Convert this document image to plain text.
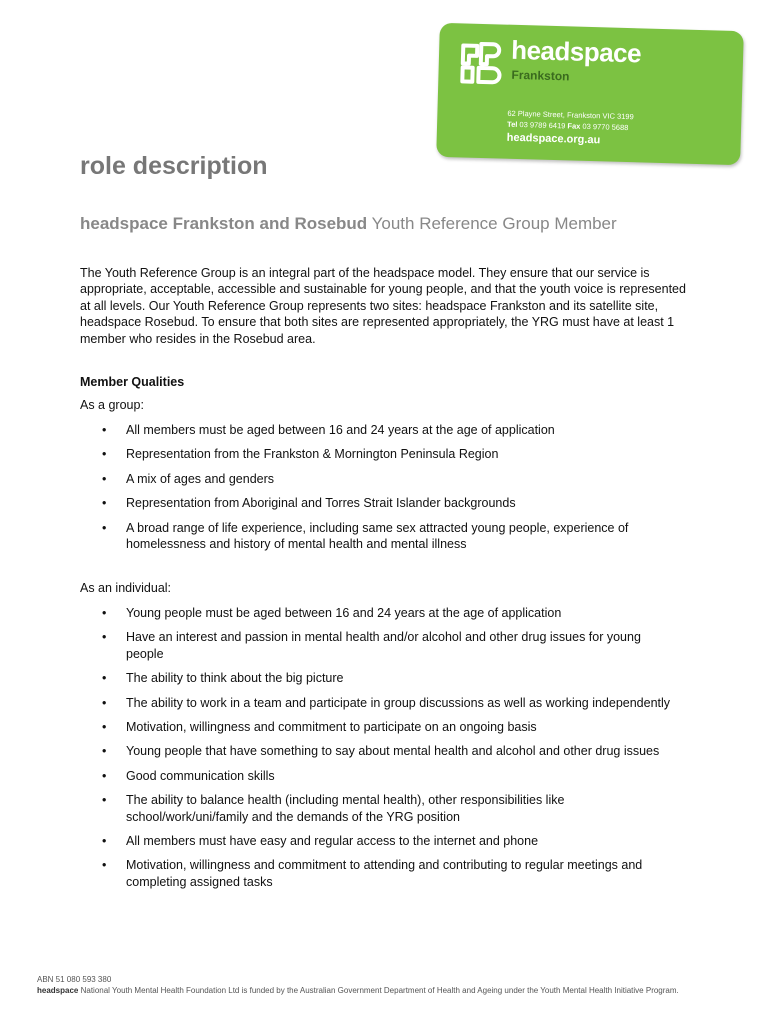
headspace
Frankston
62 Playne Street, Frankston VIC 3199
Tel 03 9789 6419 Fax 03 9770 5688
headspace.org.au
role description
headspace Frankston and Rosebud Youth Reference Group Member

The Youth Reference Group is an integral part of the headspace model. They ensure that our service is appropriate, acceptable, accessible and sustainable for young people, and that the youth voice is represented at all levels. Our Youth Reference Group represents two sites: headspace Frankston and its satellite site, headspace Rosebud. To ensure that both sites are represented appropriately, the YRG must have at least 1 member who resides in the Rosebud area.

Member Qualities
As a group:
• All members must be aged between 16 and 24 years at the age of application
• Representation from the Frankston & Mornington Peninsula Region
• A mix of ages and genders
• Representation from Aboriginal and Torres Strait Islander backgrounds
• A broad range of life experience, including same sex attracted young people, experience of homelessness and history of mental health and mental illness
As an individual:
• Young people must be aged between 16 and 24 years at the age of application
• Have an interest and passion in mental health and/or alcohol and other drug issues for young people
• The ability to think about the big picture
• The ability to work in a team and participate in group discussions as well as working independently
• Motivation, willingness and commitment to participate on an ongoing basis
• Young people that have something to say about mental health and alcohol and other drug issues
• Good communication skills
• The ability to balance health (including mental health), other responsibilities like school/work/uni/family and the demands of the YRG position
• All members must have easy and regular access to the internet and phone
• Motivation, willingness and commitment to attending and contributing to regular meetings and completing assigned tasks
ABN 51 080 593 380
headspace National Youth Mental Health Foundation Ltd is funded by the Australian Government Department of Health and Ageing under the Youth Mental Health Initiative Program.
